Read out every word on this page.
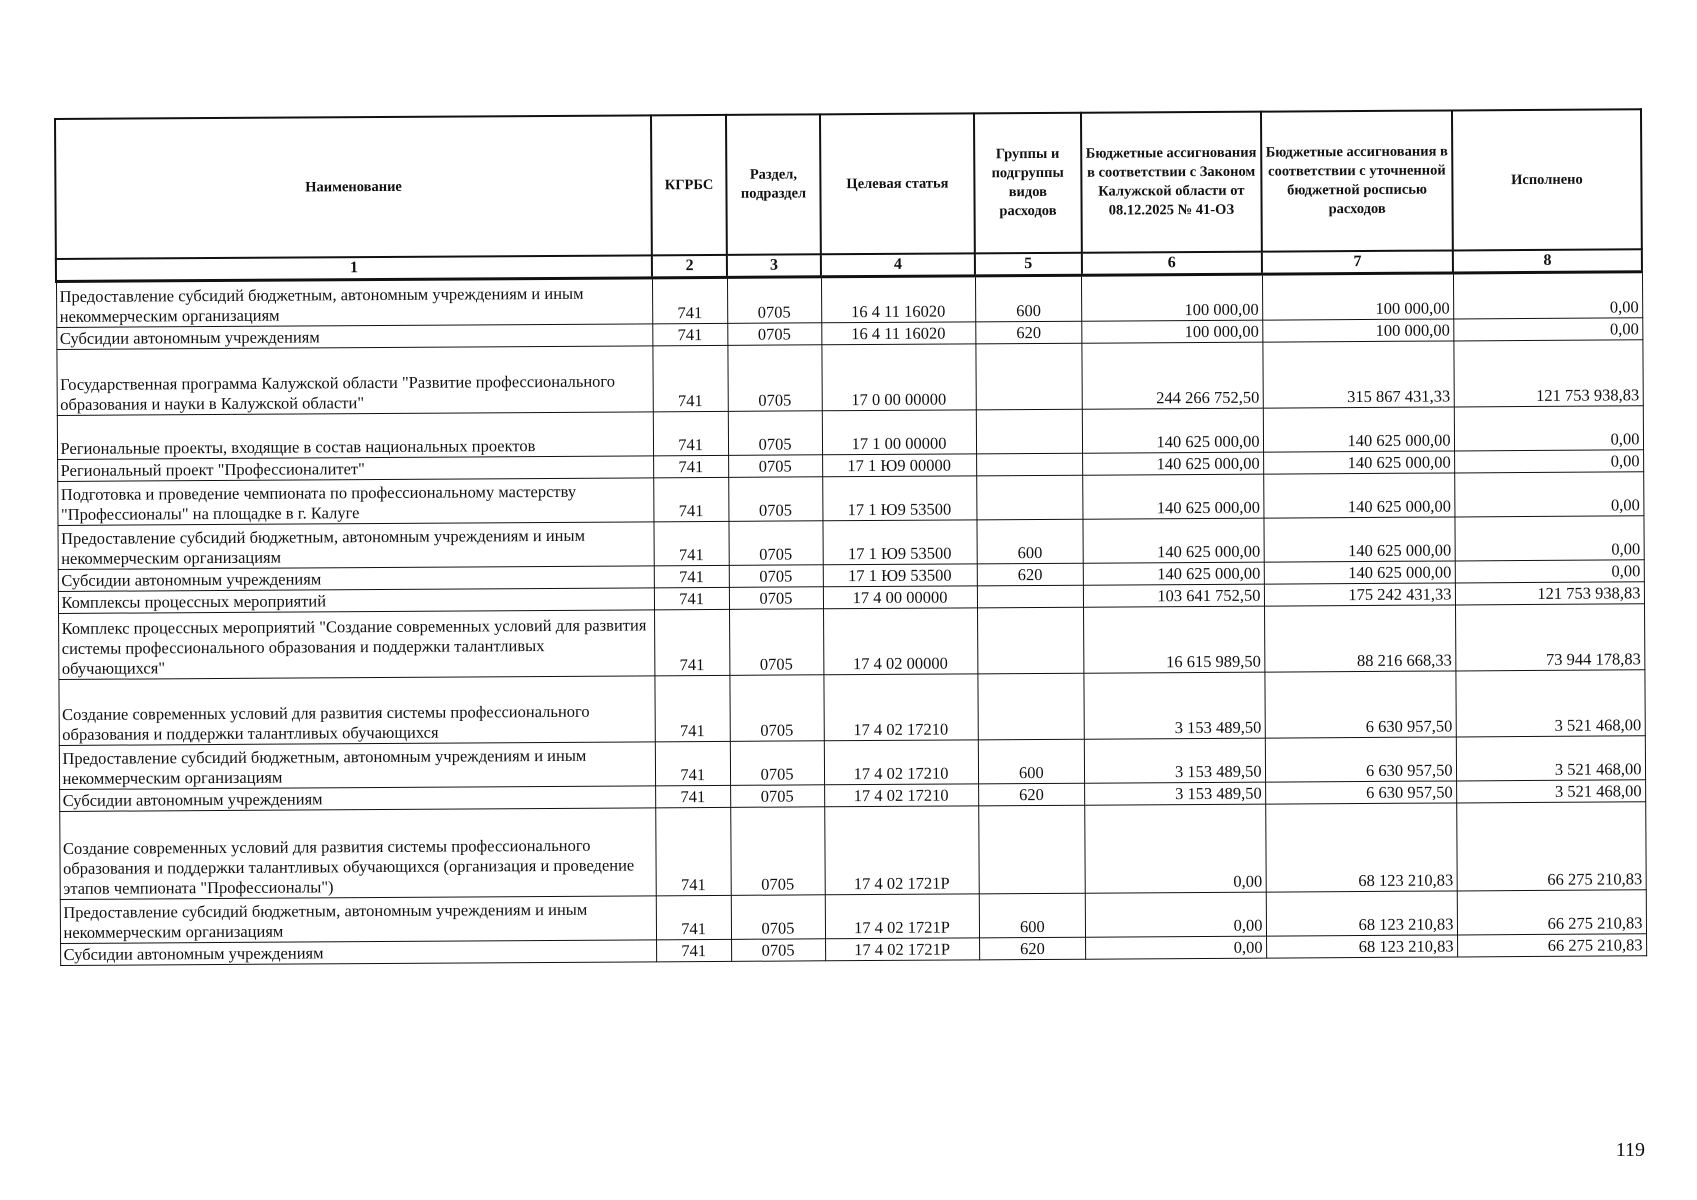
Наименование	КГРБС	Раздел, подраздел	Целевая статья	Группы и подгруппы видов расходов	Бюджетные ассигнования в соответствии с Законом Калужской области от 08.12.2025 № 41-ОЗ	Бюджетные ассигнования в соответствии с уточненной бюджетной росписью расходов	Исполнено
1	2	3	4	5	6	7	8
Предоставление субсидий бюджетным, автономным учреждениям и иным некоммерческим организациям	741	0705	16 4 11 16020	600	100 000,00	100 000,00	0,00
Субсидии автономным учреждениям	741	0705	16 4 11 16020	620	100 000,00	100 000,00	0,00
Государственная программа Калужской области "Развитие профессионального образования и науки в Калужской области"	741	0705	17 0 00 00000		244 266 752,50	315 867 431,33	121 753 938,83
Региональные проекты, входящие в состав национальных проектов	741	0705	17 1 00 00000		140 625 000,00	140 625 000,00	0,00
Региональный проект "Профессионалитет"	741	0705	17 1 Ю9 00000		140 625 000,00	140 625 000,00	0,00
Подготовка и проведение чемпионата по профессиональному мастерству "Профессионалы" на площадке в г. Калуге	741	0705	17 1 Ю9 53500		140 625 000,00	140 625 000,00	0,00
Предоставление субсидий бюджетным, автономным учреждениям и иным некоммерческим организациям	741	0705	17 1 Ю9 53500	600	140 625 000,00	140 625 000,00	0,00
Субсидии автономным учреждениям	741	0705	17 1 Ю9 53500	620	140 625 000,00	140 625 000,00	0,00
Комплексы процессных мероприятий	741	0705	17 4 00 00000		103 641 752,50	175 242 431,33	121 753 938,83
Комплекс процессных мероприятий "Создание современных условий для развития системы профессионального образования и поддержки талантливых обучающихся"	741	0705	17 4 02 00000		16 615 989,50	88 216 668,33	73 944 178,83
Создание современных условий для развития системы профессионального образования и поддержки талантливых обучающихся	741	0705	17 4 02 17210		3 153 489,50	6 630 957,50	3 521 468,00
Предоставление субсидий бюджетным, автономным учреждениям и иным некоммерческим организациям	741	0705	17 4 02 17210	600	3 153 489,50	6 630 957,50	3 521 468,00
Субсидии автономным учреждениям	741	0705	17 4 02 17210	620	3 153 489,50	6 630 957,50	3 521 468,00
Создание современных условий для развития системы профессионального образования и поддержки талантливых обучающихся (организация и проведение этапов чемпионата "Профессионалы")	741	0705	17 4 02 1721Р		0,00	68 123 210,83	66 275 210,83
Предоставление субсидий бюджетным, автономным учреждениям и иным некоммерческим организациям	741	0705	17 4 02 1721Р	600	0,00	68 123 210,83	66 275 210,83
Субсидии автономным учреждениям	741	0705	17 4 02 1721Р	620	0,00	68 123 210,83	66 275 210,83
119
